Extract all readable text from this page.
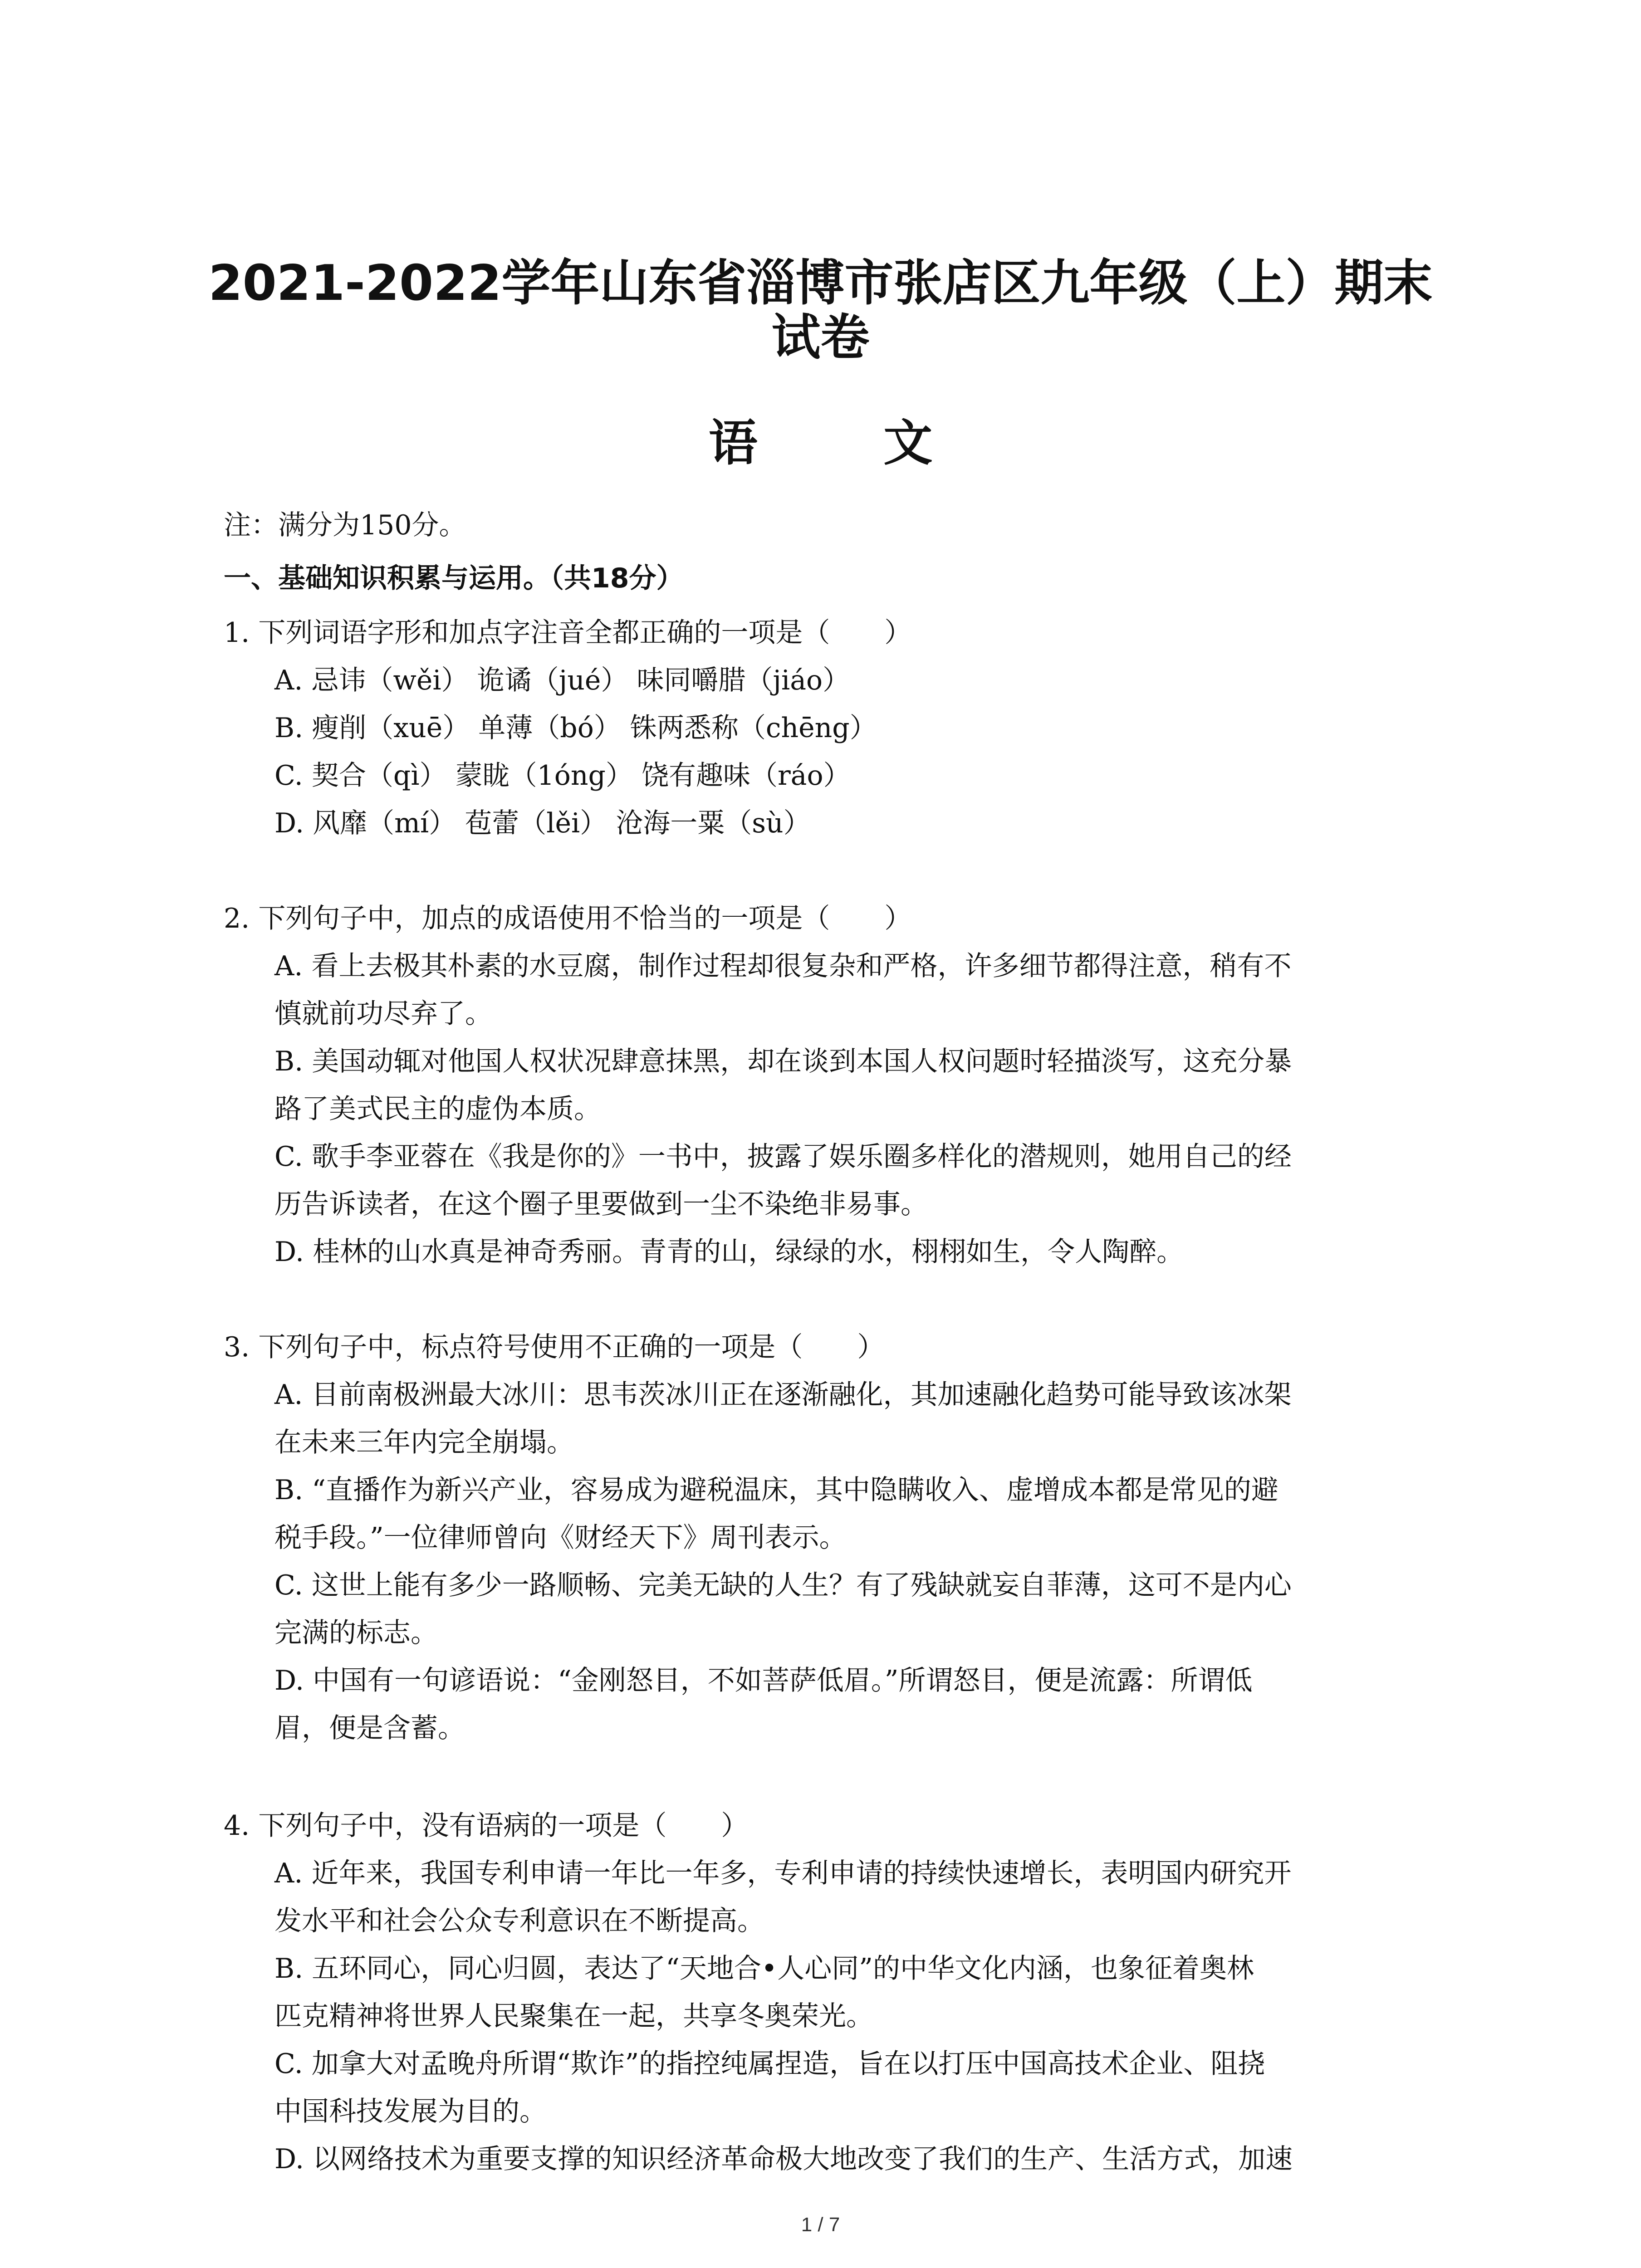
2021-2022学年山东省淄博市张店区九年级（上）期末
试卷
语 文
注：满分为150分。
一、基础知识积累与运用。（共18分）
1. 下列词语字形和加点字注音全都正确的一项是（　　）
A. 忌讳（wěi） 诡谲（jué） 味同嚼腊（jiáo）
B. 瘦削（xuē） 单薄（bó） 铢两悉称（chēng）
C. 契合（qì） 蒙眬（1óng） 饶有趣味（ráo）
D. 风靡（mí） 苞蕾（lěi） 沧海一粟（sù）
2. 下列句子中，加点的成语使用不恰当的一项是（　　）
A. 看上去极其朴素的水豆腐，制作过程却很复杂和严格，许多细节都得注意，稍有不
慎就前功尽弃了。
B. 美国动辄对他国人权状况肆意抹黑，却在谈到本国人权问题时轻描淡写，这充分暴
路了美式民主的虚伪本质。
C. 歌手李亚蓉在《我是你的》一书中，披露了娱乐圈多样化的潜规则，她用自己的经
历告诉读者，在这个圈子里要做到一尘不染绝非易事。
D. 桂林的山水真是神奇秀丽。青青的山，绿绿的水，栩栩如生，令人陶醉。
3. 下列句子中，标点符号使用不正确的一项是（　　）
A. 目前南极洲最大冰川：思韦茨冰川正在逐渐融化，其加速融化趋势可能导致该冰架
在未来三年内完全崩塌。
B. “直播作为新兴产业，容易成为避税温床，其中隐瞒收入、虚增成本都是常见的避
税手段。”一位律师曾向《财经天下》周刊表示。
C. 这世上能有多少一路顺畅、完美无缺的人生？有了残缺就妄自菲薄，这可不是内心
完满的标志。
D. 中国有一句谚语说：“金刚怒目，不如菩萨低眉。”所谓怒目，便是流露：所谓低
眉，便是含蓄。
4. 下列句子中，没有语病的一项是（　　）
A. 近年来，我国专利申请一年比一年多，专利申请的持续快速增长，表明国内研究开
发水平和社会公众专利意识在不断提高。
B. 五环同心，同心归圆，表达了“天地合•人心同”的中华文化内涵，也象征着奥林
匹克精神将世界人民聚集在一起，共享冬奥荣光。
C. 加拿大对孟晚舟所谓“欺诈”的指控纯属捏造，旨在以打压中国高技术企业、阻挠
中国科技发展为目的。
D. 以网络技术为重要支撑的知识经济革命极大地改变了我们的生产、生活方式，加速
1 / 7
